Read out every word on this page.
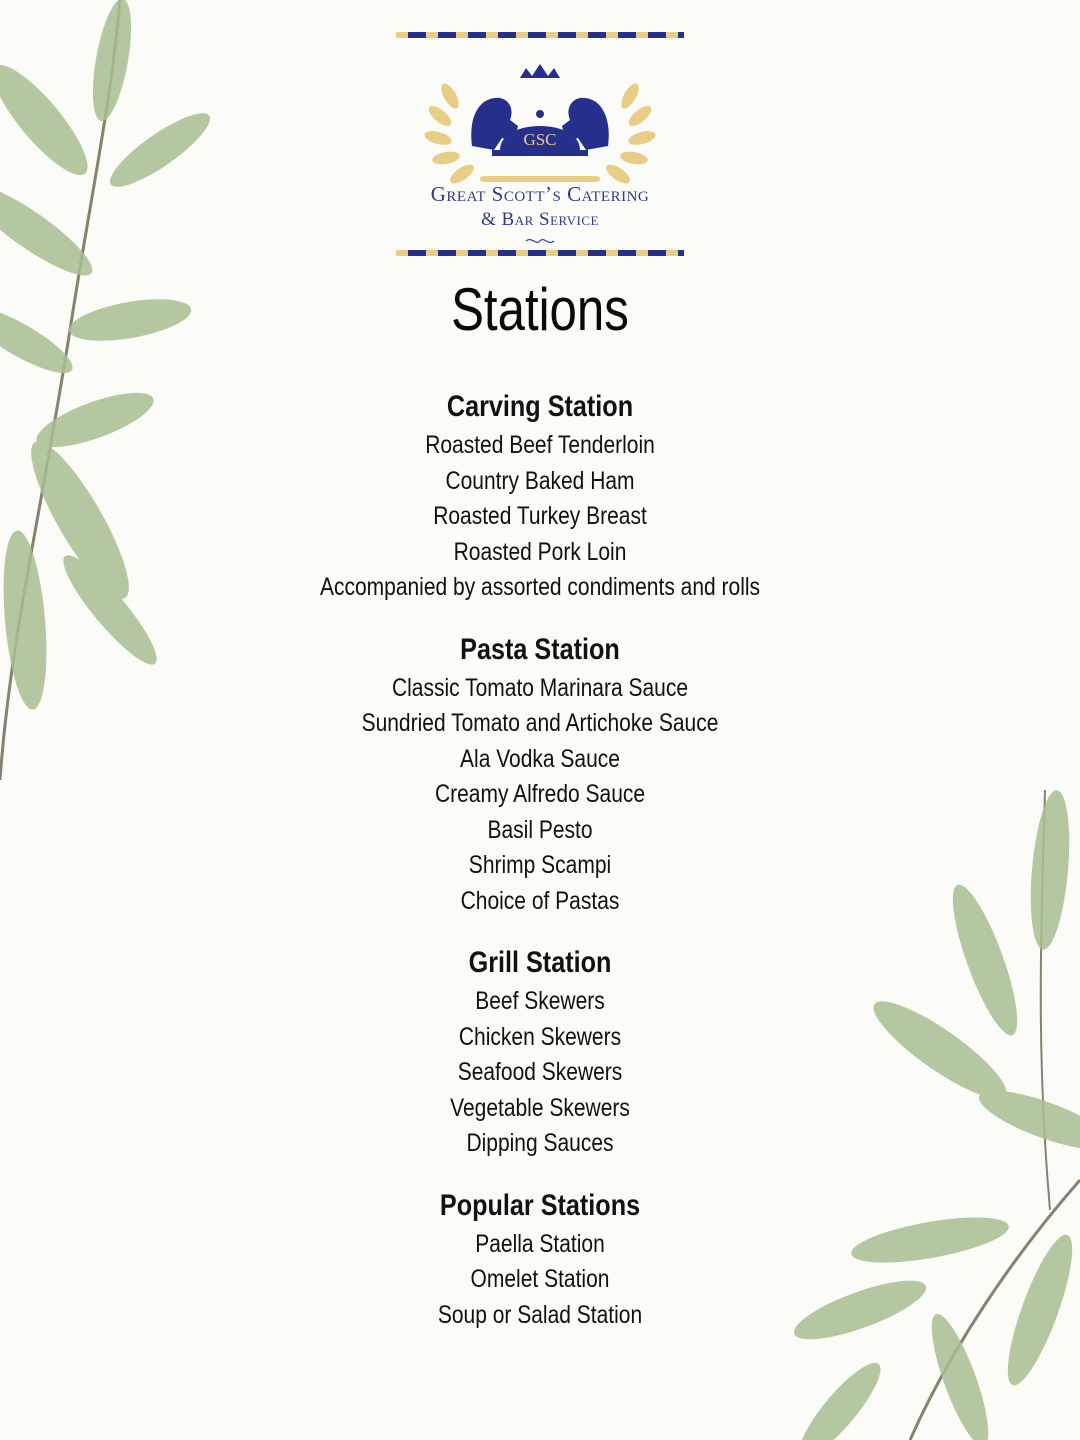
GSC
Great Scott’s Catering
& Bar Service
Stations
Carving Station
Roasted Beef Tenderloin
Country Baked Ham
Roasted Turkey Breast
Roasted Pork Loin
Accompanied by assorted condiments and rolls
Pasta Station
Classic Tomato Marinara Sauce
Sundried Tomato and Artichoke Sauce
Ala Vodka Sauce
Creamy Alfredo Sauce
Basil Pesto
Shrimp Scampi
Choice of Pastas
Grill Station
Beef Skewers
Chicken Skewers
Seafood Skewers
Vegetable Skewers
Dipping Sauces
Popular Stations
Paella Station
Omelet Station
Soup or Salad Station
